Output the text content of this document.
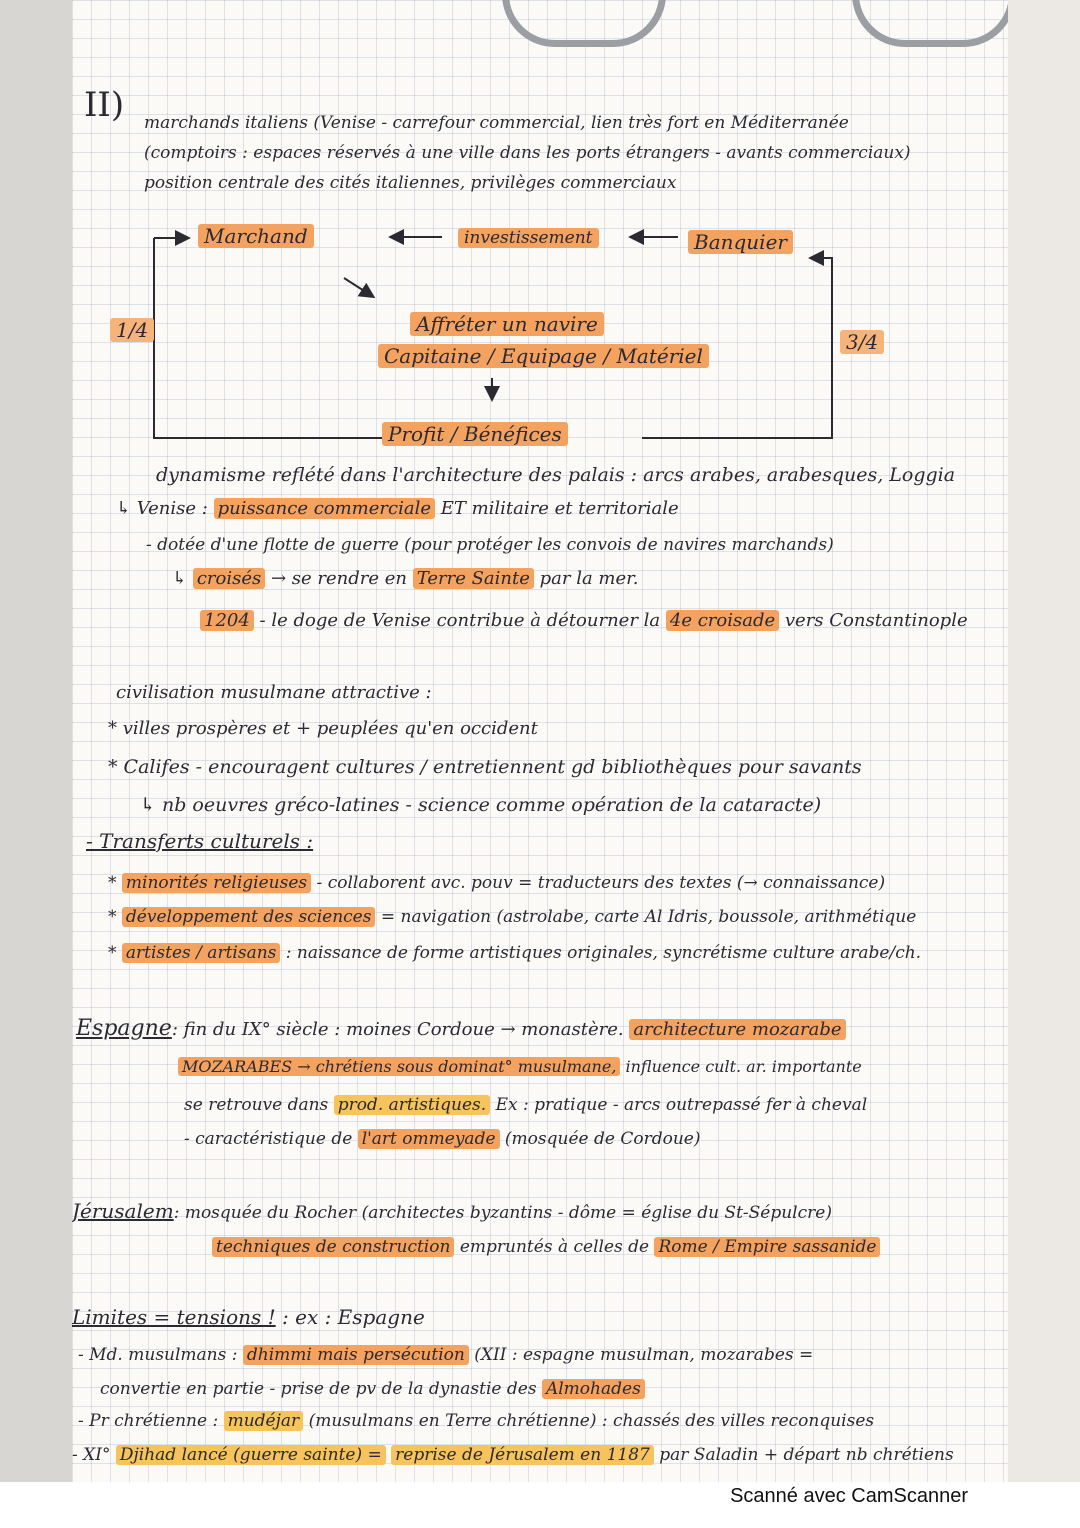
II) marchands italiens (Venise - carrefour commercial, lien très fort en Méditerranée
(comptoirs : espaces réservés à une ville dans les ports étrangers - avants commerciaux)
position centrale des cités italiennes, privilèges commerciaux
Marchand	investissement	Banquier
Affréter un navire
Capitaine / Equipage / Matériel
Profit / Bénéfices
1/4	3/4
dynamisme reflété dans l'architecture des palais : arcs arabes, arabesques, Loggia
↳ Venise : puissance commerciale ET militaire et territoriale
- dotée d'une flotte de guerre (pour protéger les convois de navires marchands)
↳ croisés → se rendre en Terre Sainte par la mer.
1204 - le doge de Venise contribue à détourner la 4e croisade vers Constantinople
civilisation musulmane attractive :
* villes prospères et + peuplées qu'en occident
* Califes - encouragent cultures / entretiennent gd bibliothèques pour savants
↳ nb oeuvres gréco-latines - science comme opération de la cataracte)
- Transferts culturels :
* minorités religieuses - collaborent avc. pouv = traducteurs des textes (→ connaissance)
* développement des sciences = navigation (astrolabe, carte Al Idris, boussole, arithmétique
* artistes / artisans : naissance de forme artistiques originales, syncrétisme culture arabe/ch.
Espagne: fin du IX° siècle : moines Cordoue → monastère. architecture mozarabe
MOZARABES → chrétiens sous dominat° musulmane, influence cult. ar. importante
se retrouve dans prod. artistiques. Ex : pratique - arcs outrepassé fer à cheval
- caractéristique de l'art ommeyade (mosquée de Cordoue)
Jérusalem: mosquée du Rocher (architectes byzantins - dôme = église du St-Sépulcre)
techniques de construction empruntés à celles de Rome / Empire sassanide
Limites = tensions ! : ex : Espagne
- Md. musulmans : dhimmi mais persécution (XII : espagne musulman, mozarabes =
convertie en partie - prise de pv de la dynastie des Almohades
- Pr chrétienne : mudéjar (musulmans en Terre chrétienne) : chassés des villes reconquises
- XI° Djihad lancé (guerre sainte) = reprise de Jérusalem en 1187 par Saladin + départ nb chrétiens
Scanné avec CamScanner
